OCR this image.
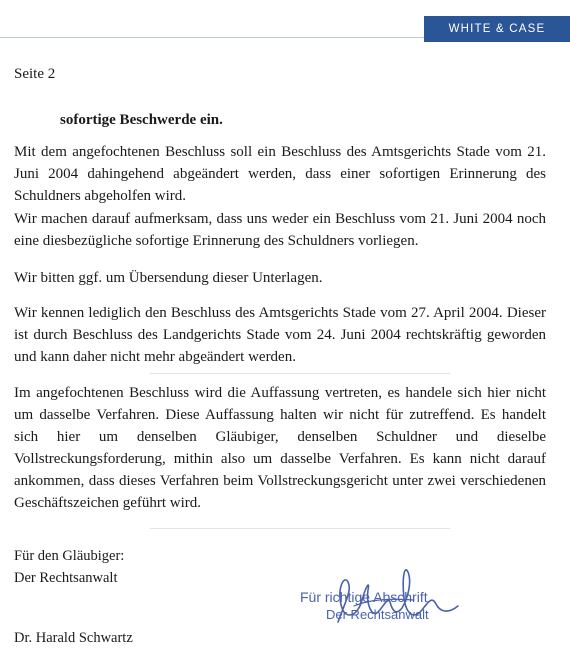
WHITE & CASE
Seite 2
sofortige Beschwerde ein.

Mit dem angefochtenen Beschluss soll ein Beschluss des Amtsgerichts Stade vom 21. Juni 2004 dahingehend abgeändert werden, dass einer sofortigen Erinnerung des Schuldners abgeholfen wird.

Wir machen darauf aufmerksam, dass uns weder ein Beschluss vom 21. Juni 2004 noch eine diesbezügliche sofortige Erinnerung des Schuldners vorliegen.

Wir bitten ggf. um Übersendung dieser Unterlagen.

Wir kennen lediglich den Beschluss des Amtsgerichts Stade vom 27. April 2004. Dieser ist durch Beschluss des Landgerichts Stade vom 24. Juni 2004 rechtskräftig geworden und kann daher nicht mehr abgeändert werden.

Im angefochtenen Beschluss wird die Auffassung vertreten, es handele sich hier nicht um dasselbe Verfahren. Diese Auffassung halten wir nicht für zutreffend. Es handelt sich hier um denselben Gläubiger, denselben Schuldner und dieselbe Vollstreckungsforderung, mithin also um dasselbe Verfahren. Es kann nicht darauf ankommen, dass dieses Verfahren beim Vollstreckungsgericht unter zwei verschiedenen Geschäftszeichen geführt wird.

Für den Gläubiger:
Der Rechtsanwalt
Für richtige Abschrift
Der Rechtsanwalt
Dr. Harald Schwartz
